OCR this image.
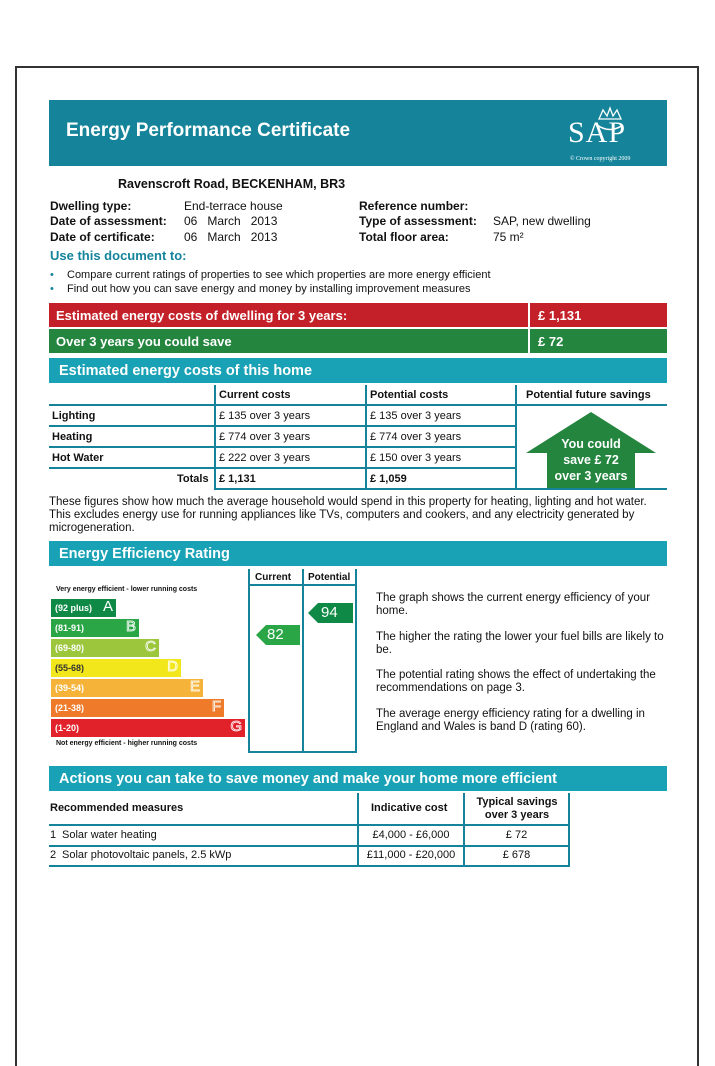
Energy Performance Certificate	SAP
© Crown copyright 2009
Ravenscroft Road, BECKENHAM, BR3
Dwelling type:	End-terrace house
Date of assessment: 06   March   2013
Date of certificate: 06   March   2013
Reference number:
Type of assessment: SAP, new dwelling
Total floor area:	75 m²
Use this document to:
• Compare current ratings of properties to see which properties are more energy efficient
• Find out how you can save energy and money by installing improvement measures
Estimated energy costs of dwelling for 3 years:	£ 1,131
Over 3 years you could save	£ 72
Estimated energy costs of this home
Current costs	Potential costs	Potential future savings
Lighting	£ 135 over 3 years	£ 135 over 3 years
Heating	£ 774 over 3 years	£ 774 over 3 years
Hot Water	£ 222 over 3 years	£ 150 over 3 years
Totals £ 1,131	£ 1,059
You could
save £ 72
over 3 years
These figures show how much the average household would spend in this property for heating, lighting and hot water. This excludes energy use for running appliances like TVs, computers and cookers, and any electricity generated by microgeneration.
Energy Efficiency Rating
Current Potential
Very energy efficient - lower running costs
Not energy efficient - higher running costs
(92 plus) A
(81-91)	B
(69-80)	C
(55-68)	D
(39-54)	E
(21-38)	F
(1-20)	G
82
94
The graph shows the current energy efficiency of your home.
The higher the rating the lower your fuel bills are likely to be.
The potential rating shows the effect of undertaking the recommendations on page 3.
The average energy efficiency rating for a dwelling in England and Wales is band D (rating 60).
Actions you can take to save money and make your home more efficient
Recommended measures	Indicative cost	Typical savings over 3 years
1 Solar water heating	£4,000 - £6,000	£ 72
2 Solar photovoltaic panels, 2.5 kWp	£11,000 - £20,000	£ 678
